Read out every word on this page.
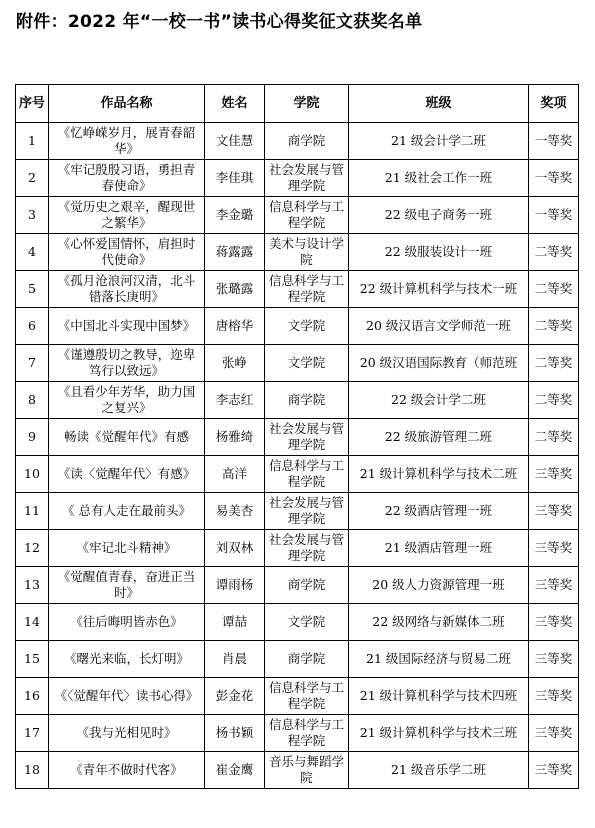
附件：2022 年“一校一书”读书心得奖征文获奖名单
序号	作品名称	姓名	学院	班级	奖项
1	《忆峥嵘岁月，展青春韶华》	文佳慧	商学院	21 级会计学二班	一等奖
2	《牢记殷殷习语，勇担青春使命》	李佳琪	社会发展与管理学院	21 级社会工作一班	一等奖
3	《觉历史之艰辛，醒现世之繁华》	李金璐	信息科学与工程学院	22 级电子商务一班	一等奖
4	《心怀爱国情怀，肩担时代使命》	蒋露露	美术与设计学院	22 级服装设计一班	二等奖
5	《孤月沧浪河汉清，北斗错落长庚明》	张璐露	信息科学与工程学院	22 级计算机科学与技术一班	二等奖
6	《中国北斗实现中国梦》	唐榕华	文学院	20 级汉语言文学师范一班	二等奖
7	《谨遵殷切之教导，迩卑笃行以致远》	张峥	文学院	20 级汉语国际教育（师范班	二等奖
8	《且看少年芳华，助力国之复兴》	李志红	商学院	22 级会计学二班	二等奖
9	畅读《觉醒年代》有感	杨雅绮	社会发展与管理学院	22 级旅游管理二班	二等奖
10	《读〈觉醒年代〉有感》	高洋	信息科学与工程学院	21 级计算机科学与技术二班	三等奖
11	《 总有人走在最前头》	易美杏	社会发展与管理学院	22 级酒店管理一班	三等奖
12	《牢记北斗精神》	刘双林	社会发展与管理学院	21 级酒店管理一班	三等奖
13	《觉醒值青春，奋进正当时》	谭雨杨	商学院	20 级人力资源管理一班	三等奖
14	《往后晦明皆赤色》	谭喆	文学院	22 级网络与新媒体二班	三等奖
15	《曙光来临，长灯明》	肖晨	商学院	21 级国际经济与贸易二班	三等奖
16	《〈觉醒年代〉读书心得》	彭金花	信息科学与工程学院	21 级计算机科学与技术四班	三等奖
17	《我与光相见时》	杨书颖	信息科学与工程学院	21 级计算机科学与技术三班	三等奖
18	《青年不做时代客》	崔金鹰	音乐与舞蹈学院	21 级音乐学二班	三等奖
